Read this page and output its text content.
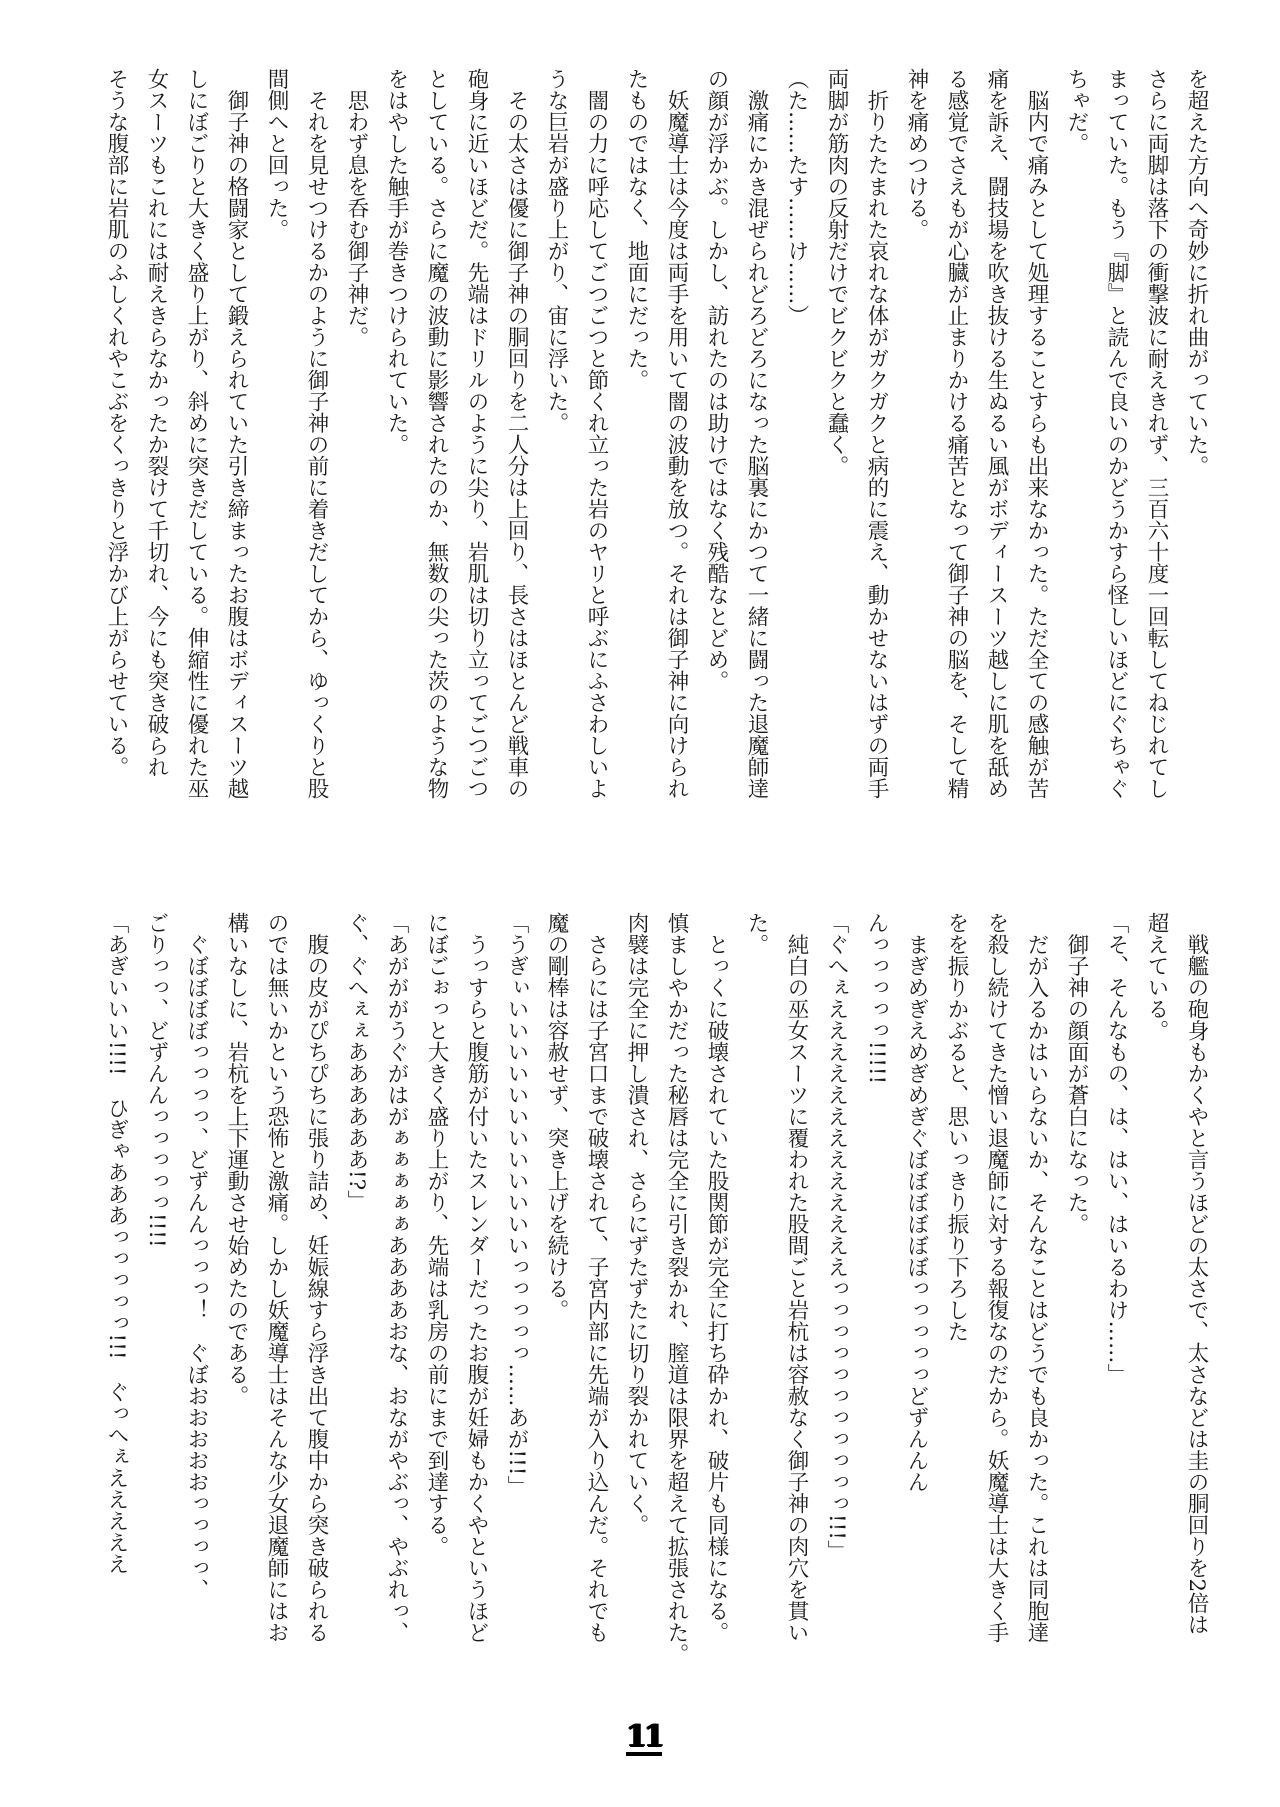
を超えた方向へ奇妙に折れ曲がっていた。
さらに両脚は落下の衝撃波に耐えきれず、三百六十度一回転してねじれてし
まっていた。もう『脚』と読んで良いのかどうかすら怪しいほどにぐちゃぐ
ちゃだ。
　脳内で痛みとして処理することすらも出来なかった。ただ全ての感触が苦
痛を訴え、闘技場を吹き抜ける生ぬるい風がボディースーツ越しに肌を舐め
る感覚でさえもが心臓が止まりかける痛苦となって御子神の脳を、そして精
神を痛めつける。
　折りたたまれた哀れな体がガクガクと病的に震え、動かせないはずの両手
両脚が筋肉の反射だけでビクビクと蠢く。
（た……たす……け……）
　激痛にかき混ぜられどろどろになった脳裏にかつて一緒に闘った退魔師達
の顔が浮かぶ。しかし、訪れたのは助けではなく残酷なとどめ。
　妖魔導士は今度は両手を用いて闇の波動を放つ。それは御子神に向けられ
たものではなく、地面にだった。
　闇の力に呼応してごつごつと節くれ立った岩のヤリと呼ぶにふさわしいよ
うな巨岩が盛り上がり、宙に浮いた。
　その太さは優に御子神の胴回りを二人分は上回り、長さはほとんど戦車の
砲身に近いほどだ。先端はドリルのように尖り、岩肌は切り立ってごつごつ
としている。さらに魔の波動に影響されたのか、無数の尖った茨のような物
をはやした触手が巻きつけられていた。
　思わず息を呑む御子神だ。
　それを見せつけるかのように御子神の前に着きだしてから、ゆっくりと股
間側へと回った。
　御子神の格闘家として鍛えられていた引き締まったお腹はボディスーツ越
しにぼごりと大きく盛り上がり、斜めに突きだしている。伸縮性に優れた巫
女スーツもこれには耐えきらなかったか裂けて千切れ、今にも突き破られ
そうな腹部に岩肌のふしくれやこぶをくっきりと浮かび上がらせている。
　戦艦の砲身もかくやと言うほどの太さで、太さなどは圭の胴回りを2倍は
超えている。
「そ、そんなもの、は、はい、はいるわけ……」
　御子神の顔面が蒼白になった。
　だが入るかはいらないか、そんなことはどうでも良かった。これは同胞達
を殺し続けてきた憎い退魔師に対する報復なのだから。妖魔導士は大きく手
をを振りかぶると、思いっきり振り下ろした
　まぎめぎえめぎめぎぐぼぼぼぼぼぼっっっっっどずんんん
んっっっっっ!!!!!
「ぐへぇえええええええええええええっっっっっっっっっっっ!!!」
　純白の巫女スーツに覆われた股間ごと岩杭は容赦なく御子神の肉穴を貫い
た。
　とっくに破壊されていた股関節が完全に打ち砕かれ、破片も同様になる。
慎ましやかだった秘唇は完全に引き裂かれ、膣道は限界を超えて拡張された。
肉襞は完全に押し潰され、さらにずたずたに切り裂かれていく。
　さらには子宮口まで破壊されて、子宮内部に先端が入り込んだ。それでも
魔の剛棒は容赦せず、突き上げを続ける。
「うぎぃいいいいいいいいいいいいっっっっっ……あが!!!」
　うっすらと腹筋が付いたスレンダーだったお腹が妊婦もかくやというほど
にぼごぉっと大きく盛り上がり、先端は乳房の前にまで到達する。
「あがががうぐがはがぁぁぁぁぁああああおな、おながやぶっ、やぶれっ、
ぐ、ぐへぇぇああああああ!?」
　腹の皮がぴちぴちに張り詰め、妊娠線すら浮き出て腹中から突き破られる
のでは無いかという恐怖と激痛。しかし妖魔導士はそんな少女退魔師にはお
構いなしに、岩杭を上下運動させ始めたのである。
　ぐぼぼぼぼっっっっ、どずんんっっっ！　ぐぼおおおおおっっっっ、
ごりっっ、どずんんっっっっっ!!!!
「あぎいいい!!!!　ひぎゃあああっっっっっ!!!　ぐっへぇえええええ
11
